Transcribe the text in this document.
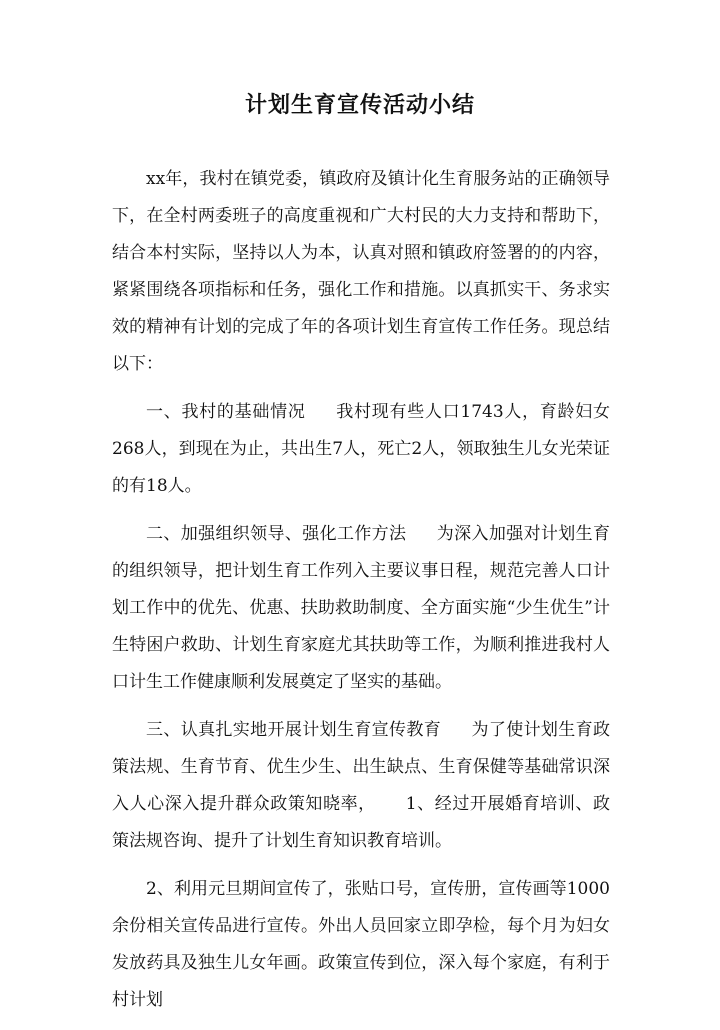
计划生育宣传活动小结

xx年，我村在镇党委，镇政府及镇计化生育服务站的正确领导下，在全村两委班子的高度重视和广大村民的大力支持和帮助下，结合本村实际，坚持以人为本，认真对照和镇政府签署的的内容，紧紧围绕各项指标和任务，强化工作和措施。以真抓实干、务求实效的精神有计划的完成了年的各项计划生育宣传工作任务。现总结以下：

一、我村的基础情况 我村现有些人口1743人，育龄妇女268人，到现在为止，共出生7人，死亡2人，领取独生儿女光荣证的有18人。

二、加强组织领导、强化工作方法 为深入加强对计划生育的组织领导，把计划生育工作列入主要议事日程，规范完善人口计划工作中的优先、优惠、扶助救助制度、全方面实施“少生优生”计生特困户救助、计划生育家庭尤其扶助等工作，为顺利推进我村人口计生工作健康顺利发展奠定了坚实的基础。

三、认真扎实地开展计划生育宣传教育 为了使计划生育政策法规、生育节育、优生少生、出生缺点、生育保健等基础常识深入人心深入提升群众政策知晓率， 1、经过开展婚育培训、政策法规咨询、提升了计划生育知识教育培训。

2、利用元旦期间宣传了，张贴口号，宣传册，宣传画等1000余份相关宣传品进行宣传。外出人员回家立即孕检，每个月为妇女发放药具及独生儿女年画。政策宣传到位，深入每个家庭，有利于村计划
